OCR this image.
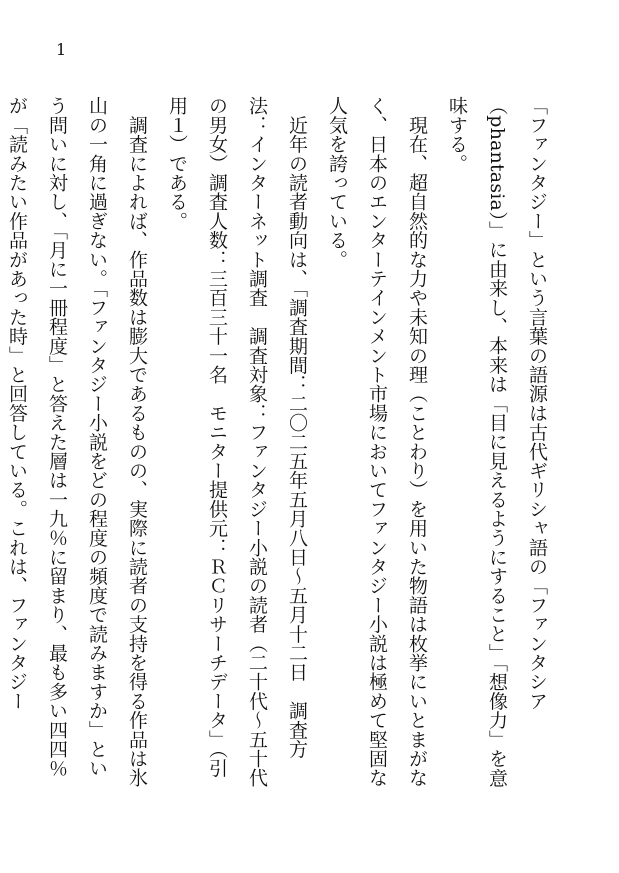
1

「ファンタジー」という言葉の語源は古代ギリシャ語の「ファンタシア（phantasia）」に由来し、本来は「目に見えるようにすること」「想像力」を意味する。

　現在、超自然的な力や未知の理（ことわり）を用いた物語は枚挙にいとまがなく、日本のエンターテインメント市場においてファンタジー小説は極めて堅固な人気を誇っている。

　近年の読者動向は、「調査期間：二〇二五年五月八日〜五月十二日　調査方法：インターネット調査　調査対象：ファンタジー小説の読者（二十代〜五十代の男女）調査人数：三百三十一名　モニター提供元：ＲＣリサーチデータ」（引用１）である。

　調査によれば、作品数は膨大であるものの、実際に読者の支持を得る作品は氷山の一角に過ぎない。「ファンタジー小説をどの程度の頻度で読みますか」という問いに対し、「月に一冊程度」と答えた層は一九％に留まり、最も多い四四％が「読みたい作品があった時」と回答している。これは、ファンタジー
